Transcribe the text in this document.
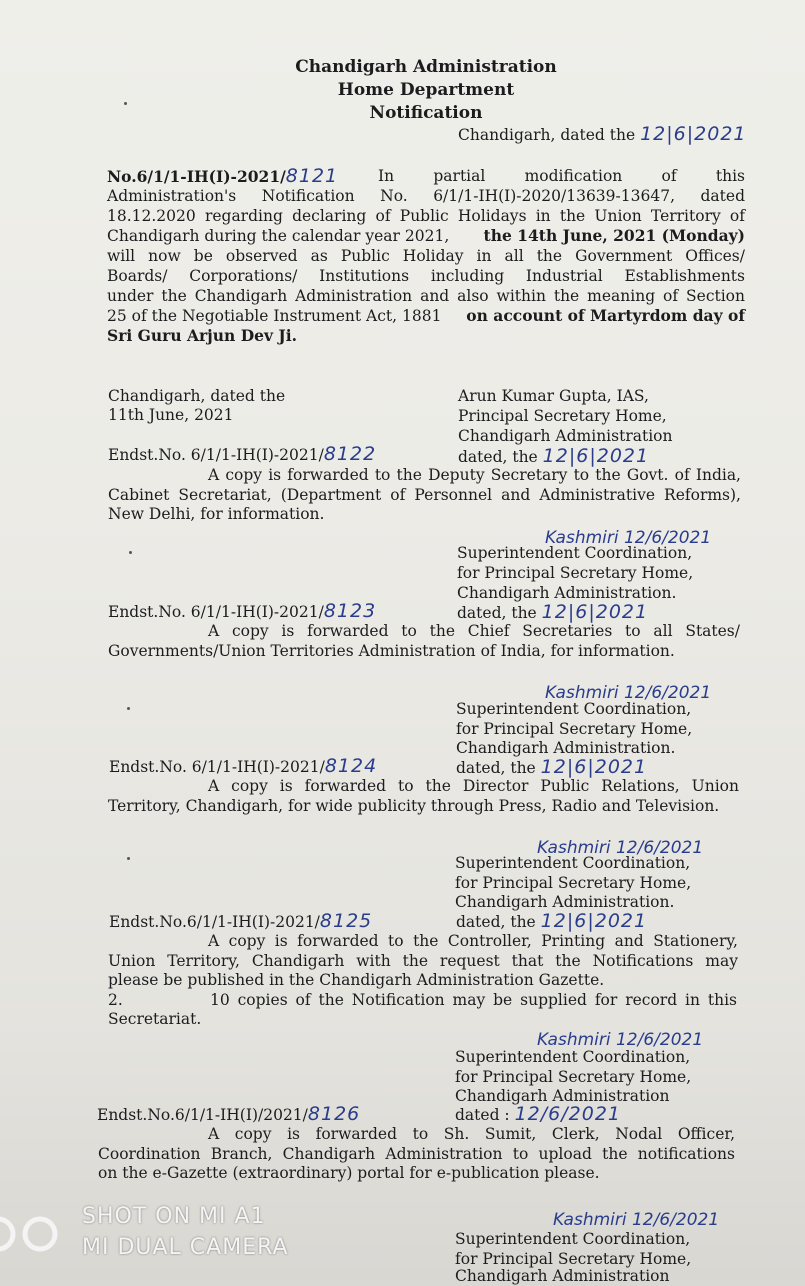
Chandigarh Administration
Home Department
Notification
Chandigarh, dated the 12|6|2021
No.6/1/1-IH(I)-2021/8121	In partial modification of this
Administration's Notification No. 6/1/1-IH(I)-2020/13639-13647, dated
18.12.2020 regarding declaring of Public Holidays in the Union Territory of
Chandigarh during the calendar year 2021, the 14th June, 2021 (Monday)
will now be observed as Public Holiday in all the Government Offices/
Boards/ Corporations/ Institutions including Industrial Establishments
under the Chandigarh Administration and also within the meaning of Section
25 of the Negotiable Instrument Act, 1881 on account of Martyrdom day of
Sri Guru Arjun Dev Ji.
Chandigarh, dated the
11th June, 2021
Arun Kumar Gupta, IAS,
Principal Secretary Home,
Chandigarh Administration
Endst.No. 6/1/1-IH(I)-2021/8122	dated, the 12|6|2021
A copy is forwarded to the Deputy Secretary to the Govt. of India,
Cabinet Secretariat, (Department of Personnel and Administrative Reforms),
New Delhi, for information.
Kashmiri 12/6/2021
Superintendent Coordination,
for Principal Secretary Home,
Chandigarh Administration.
Endst.No. 6/1/1-IH(I)-2021/8123	dated, the 12|6|2021
A copy is forwarded to the Chief Secretaries to all States/
Governments/Union Territories Administration of India, for information.
Kashmiri 12/6/2021
Superintendent Coordination,
for Principal Secretary Home,
Chandigarh Administration.
Endst.No. 6/1/1-IH(I)-2021/8124	dated, the 12|6|2021
A copy is forwarded to the Director Public Relations, Union
Territory, Chandigarh, for wide publicity through Press, Radio and Television.
Kashmiri 12/6/2021
Superintendent Coordination,
for Principal Secretary Home,
Chandigarh Administration.
Endst.No.6/1/1-IH(I)-2021/8125	dated, the 12|6|2021
A copy is forwarded to the Controller, Printing and Stationery,
Union Territory, Chandigarh with the request that the Notifications may
please be published in the Chandigarh Administration Gazette.
2.	10 copies of the Notification may be supplied for record in this
Secretariat.
Kashmiri 12/6/2021
Superintendent Coordination,
for Principal Secretary Home,
Chandigarh Administration
Endst.No.6/1/1-IH(I)/2021/8126	dated : 12/6/2021
A copy is forwarded to Sh. Sumit, Clerk, Nodal Officer,
Coordination Branch, Chandigarh Administration to upload the notifications
on the e-Gazette (extraordinary) portal for e-publication please.
Kashmiri 12/6/2021
Superintendent Coordination,
for Principal Secretary Home,
Chandigarh Administration
SHOT ON MI A1
MI DUAL CAMERA
